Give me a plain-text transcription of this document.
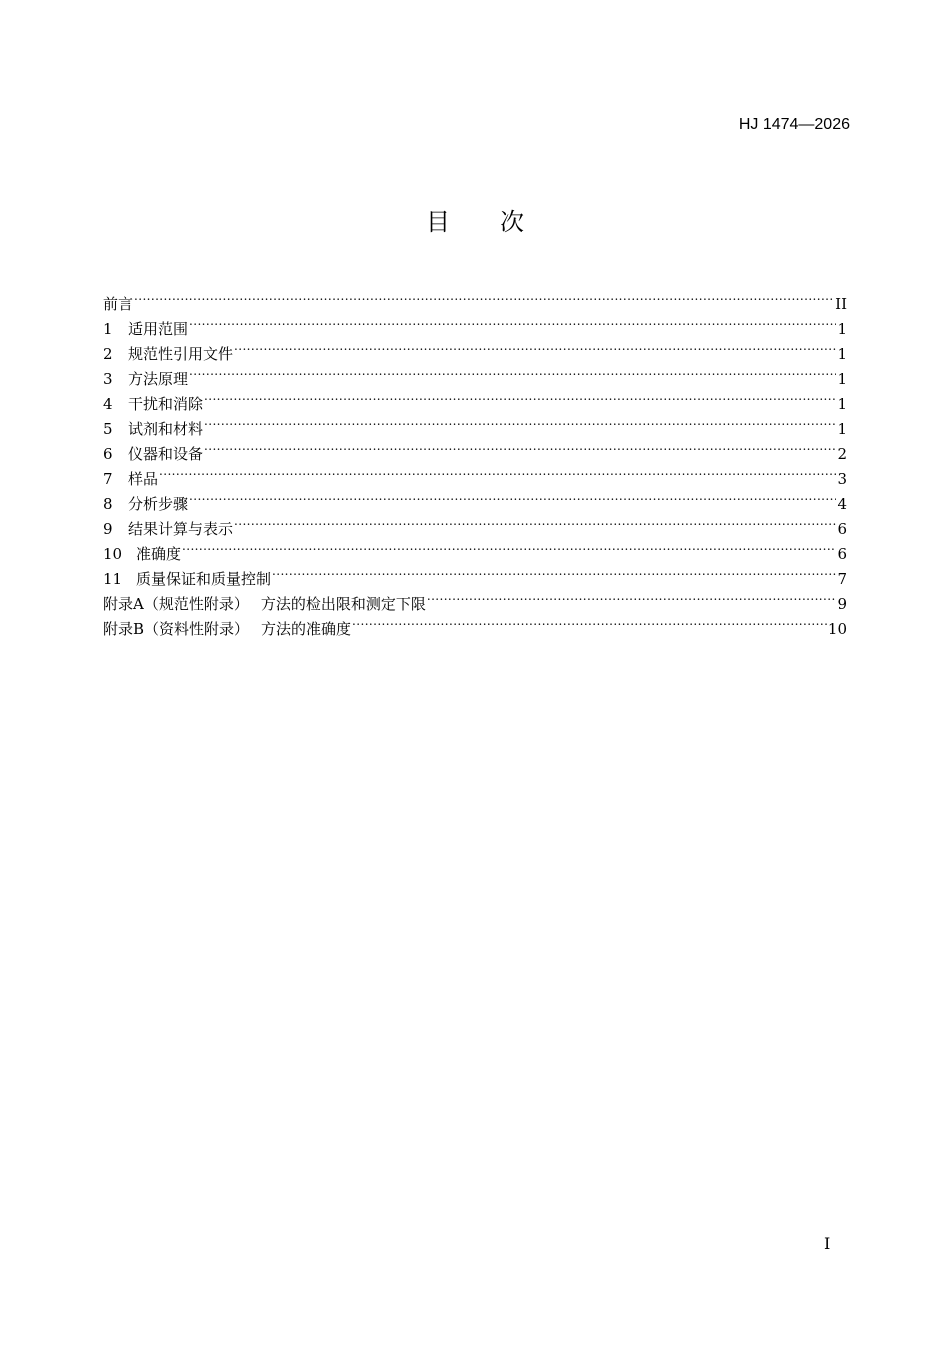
HJ 1474—2026
目 次
前言 .....	II
1	适用范围 .....	1
2	规范性引用文件 .....	1
3	方法原理 .....	1
4	干扰和消除 .....	1
5	试剂和材料 .....	1
6	仪器和设备 .....	2
7	样品 .....	3
8	分析步骤 .....	4
9	结果计算与表示 .....	6
10 准确度 .....	6
11 质量保证和质量控制 .....	7
附录A（规范性附录） 方法的检出限和测定下限 .....	9
附录B（资料性附录） 方法的准确度 .....	10
I
